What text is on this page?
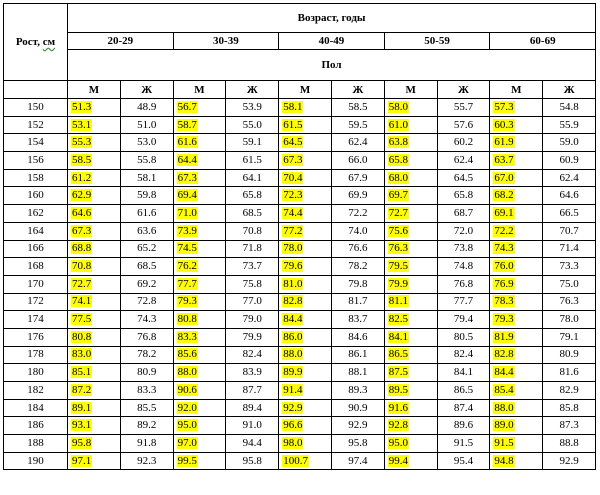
Рост, см	Возраст, годы									
	20-29		30-39		40-49		50-59		60-69	
	Пол									
	М	Ж	М	Ж	М	Ж	М	Ж	М	Ж
150	51.3	48.9	56.7	53.9	58.1	58.5	58.0	55.7	57.3	54.8
152	53.1	51.0	58.7	55.0	61.5	59.5	61.0	57.6	60.3	55.9
154	55.3	53.0	61.6	59.1	64.5	62.4	63.8	60.2	61.9	59.0
156	58.5	55.8	64.4	61.5	67.3	66.0	65.8	62.4	63.7	60.9
158	61.2	58.1	67.3	64.1	70.4	67.9	68.0	64.5	67.0	62.4
160	62.9	59.8	69.4	65.8	72.3	69.9	69.7	65.8	68.2	64.6
162	64.6	61.6	71.0	68.5	74.4	72.2	72.7	68.7	69.1	66.5
164	67.3	63.6	73.9	70.8	77.2	74.0	75.6	72.0	72.2	70.7
166	68.8	65.2	74.5	71.8	78.0	76.6	76.3	73.8	74.3	71.4
168	70.8	68.5	76.2	73.7	79.6	78.2	79.5	74.8	76.0	73.3
170	72.7	69.2	77.7	75.8	81.0	79.8	79.9	76.8	76.9	75.0
172	74.1	72.8	79.3	77.0	82.8	81.7	81.1	77.7	78.3	76.3
174	77.5	74.3	80.8	79.0	84.4	83.7	82.5	79.4	79.3	78.0
176	80.8	76.8	83.3	79.9	86.0	84.6	84.1	80.5	81.9	79.1
178	83.0	78.2	85.6	82.4	88.0	86.1	86.5	82.4	82.8	80.9
180	85.1	80.9	88.0	83.9	89.9	88.1	87.5	84.1	84.4	81.6
182	87.2	83.3	90.6	87.7	91.4	89.3	89.5	86.5	85.4	82.9
184	89.1	85.5	92.0	89.4	92.9	90.9	91.6	87.4	88.0	85.8
186	93.1	89.2	95.0	91.0	96.6	92.9	92.8	89.6	89.0	87.3
188	95.8	91.8	97.0	94.4	98.0	95.8	95.0	91.5	91.5	88.8
190	97.1	92.3	99.5	95.8	100.7	97.4	99.4	95.4	94.8	92.9
